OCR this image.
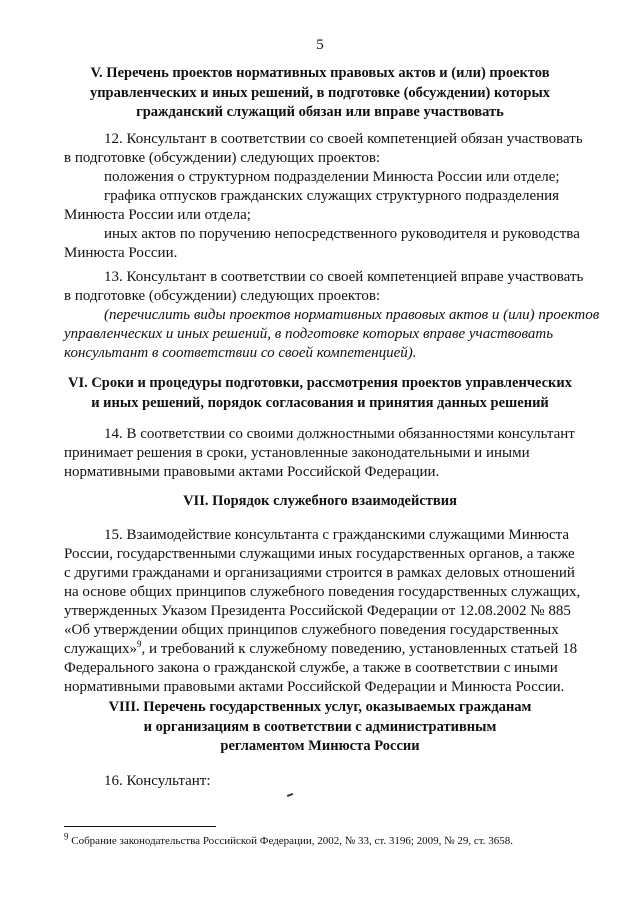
5
V. Перечень проектов нормативных правовых актов и (или) проектов
управленческих и иных решений, в подготовке (обсуждении) которых
гражданский служащий обязан или вправе участвовать
12. Консультант в соответствии со своей компетенцией обязан участвовать
в подготовке (обсуждении) следующих проектов:
положения о структурном подразделении Минюста России или отделе;
графика отпусков гражданских служащих структурного подразделения
Минюста России или отдела;
иных актов по поручению непосредственного руководителя и руководства
Минюста России.
13. Консультант в соответствии со своей компетенцией вправе участвовать
в подготовке (обсуждении) следующих проектов:
(перечислить виды проектов нормативных правовых актов и (или) проектов
управленческих и иных решений, в подготовке которых вправе участвовать
консультант в соответствии со своей компетенцией).
VI. Сроки и процедуры подготовки, рассмотрения проектов управленческих
и иных решений, порядок согласования и принятия данных решений
14. В соответствии со своими должностными обязанностями консультант
принимает решения в сроки, установленные законодательными и иными
нормативными правовыми актами Российской Федерации.
VII. Порядок служебного взаимодействия
15. Взаимодействие консультанта с гражданскими служащими Минюста
России, государственными служащими иных государственных органов, а также
с другими гражданами и организациями строится в рамках деловых отношений
на основе общих принципов служебного поведения государственных служащих,
утвержденных Указом Президента Российской Федерации от 12.08.2002 № 885
«Об утверждении общих принципов служебного поведения государственных
служащих»$^9$, и требований к служебному поведению, установленных статьей 18
Федерального закона о гражданской службе, а также в соответствии с иными
нормативными правовыми актами Российской Федерации и Минюста России.
VIII. Перечень государственных услуг, оказываемых гражданам
и организациям в соответствии с административным
регламентом Минюста России
16. Консультант:
$^9$ Собрание законодательства Российской Федерации, 2002, № 33, ст. 3196; 2009, № 29, ст. 3658.
